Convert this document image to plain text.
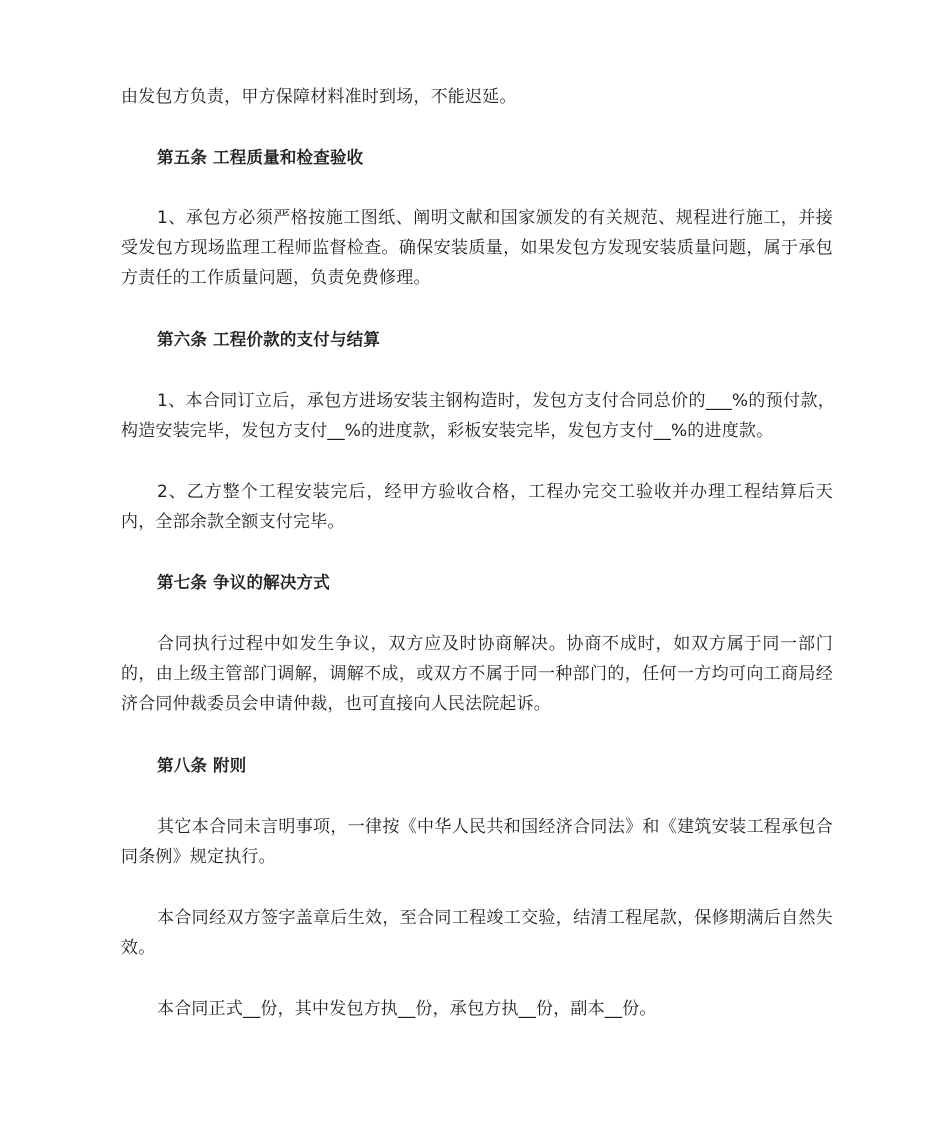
由发包方负责，甲方保障材料准时到场，不能迟延。
第五条 工程质量和检查验收
1、承包方必须严格按施工图纸、阐明文献和国家颁发的有关规范、规程进行施工，并接受发包方现场监理工程师监督检查。确保安装质量，如果发包方发现安装质量问题，属于承包方责任的工作质量问题，负责免费修理。
第六条 工程价款的支付与结算
1、本合同订立后，承包方进场安装主钢构造时，发包方支付合同总价的___%的预付款，构造安装完毕，发包方支付__%的进度款，彩板安装完毕，发包方支付__%的进度款。
2、乙方整个工程安装完后，经甲方验收合格，工程办完交工验收并办理工程结算后天内，全部余款全额支付完毕。
第七条 争议的解决方式
合同执行过程中如发生争议，双方应及时协商解决。协商不成时，如双方属于同一部门的，由上级主管部门调解，调解不成，或双方不属于同一种部门的，任何一方均可向工商局经济合同仲裁委员会申请仲裁，也可直接向人民法院起诉。
第八条 附则
其它本合同未言明事项，一律按《中华人民共和国经济合同法》和《建筑安装工程承包合同条例》规定执行。
本合同经双方签字盖章后生效，至合同工程竣工交验，结清工程尾款，保修期满后自然失效。
本合同正式__份，其中发包方执__份，承包方执__份，副本__份。
